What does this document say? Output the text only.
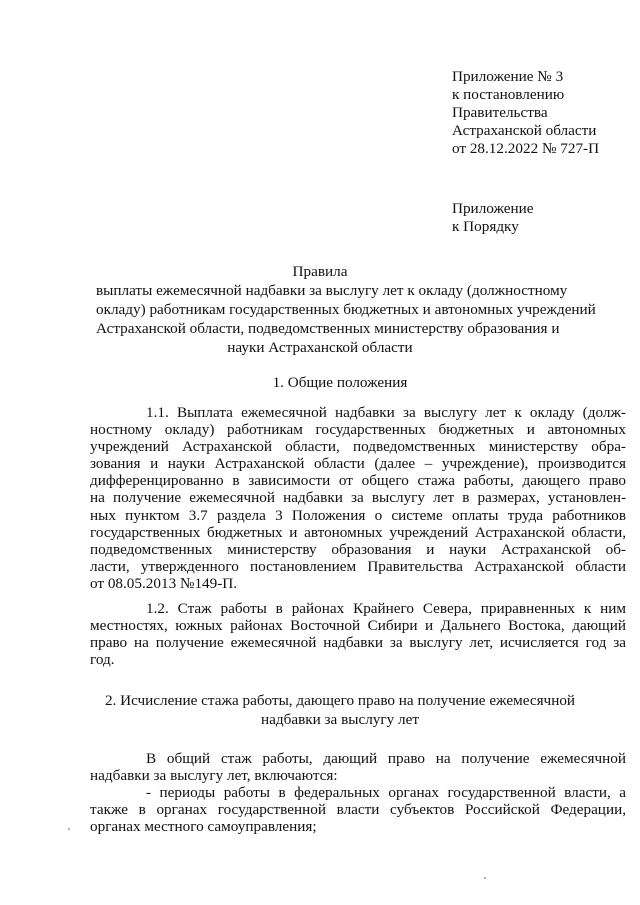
Приложение № 3
к постановлению
Правительства
Астраханской области
от 28.12.2022 № 727-П
Приложение
к Порядку
Правила
выплаты ежемесячной надбавки за выслугу лет к окладу (должностному
окладу) работникам государственных бюджетных и автономных учреждений
Астраханской области, подведомственных министерству образования и
науки Астраханской области
1. Общие положения
1.1. Выплата ежемесячной надбавки за выслугу лет к окладу (долж-
ностному окладу) работникам государственных бюджетных и автономных
учреждений Астраханской области, подведомственных министерству обра-
зования и науки Астраханской области (далее – учреждение), производится
дифференцированно в зависимости от общего стажа работы, дающего право
на получение ежемесячной надбавки за выслугу лет в размерах, установлен-
ных пунктом 3.7 раздела 3 Положения о системе оплаты труда работников
государственных бюджетных и автономных учреждений Астраханской области,
подведомственных министерству образования и науки Астраханской об-
ласти, утвержденного постановлением Правительства Астраханской области
от 08.05.2013 №149-П.
1.2. Стаж работы в районах Крайнего Севера, приравненных к ним
местностях, южных районах Восточной Сибири и Дальнего Востока, дающий
право на получение ежемесячной надбавки за выслугу лет, исчисляется год за
год.
2. Исчисление стажа работы, дающего право на получение ежемесячной
надбавки за выслугу лет
В общий стаж работы, дающий право на получение ежемесячной
надбавки за выслугу лет, включаются:
- периоды работы в федеральных органах государственной власти, а
также в органах государственной власти субъектов Российской Федерации,
органах местного самоуправления;
